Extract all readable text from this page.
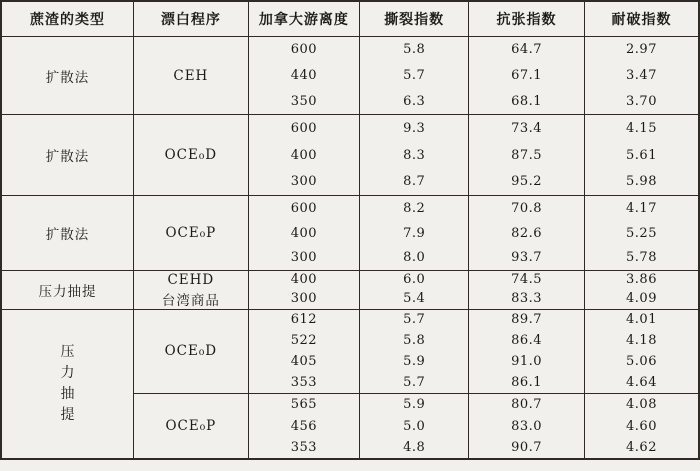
蔗渣的类型	漂白程序	加拿大游离度	撕裂指数	抗张指数	耐破指数
扩散法	CEH	600	5.8	64.7	2.97
		440	5.7	67.1	3.47
		350	6.3	68.1	3.70
扩散法	OCE₀D	600	9.3	73.4	4.15
		400	8.3	87.5	5.61
		300	8.7	95.2	5.98
扩散法	OCE₀P	600	8.2	70.8	4.17
		400	7.9	82.6	5.25
		300	8.0	93.7	5.78
压力抽提	CEHD	400	6.0	74.5	3.86
	台湾商品	300	5.4	83.3	4.09
压力抽提	OCE₀D	612	5.7	89.7	4.01
		522	5.8	86.4	4.18
		405	5.9	91.0	5.06
		353	5.7	86.1	4.64
	OCE₀P	565	5.9	80.7	4.08
		456	5.0	83.0	4.60
		353	4.8	90.7	4.62
